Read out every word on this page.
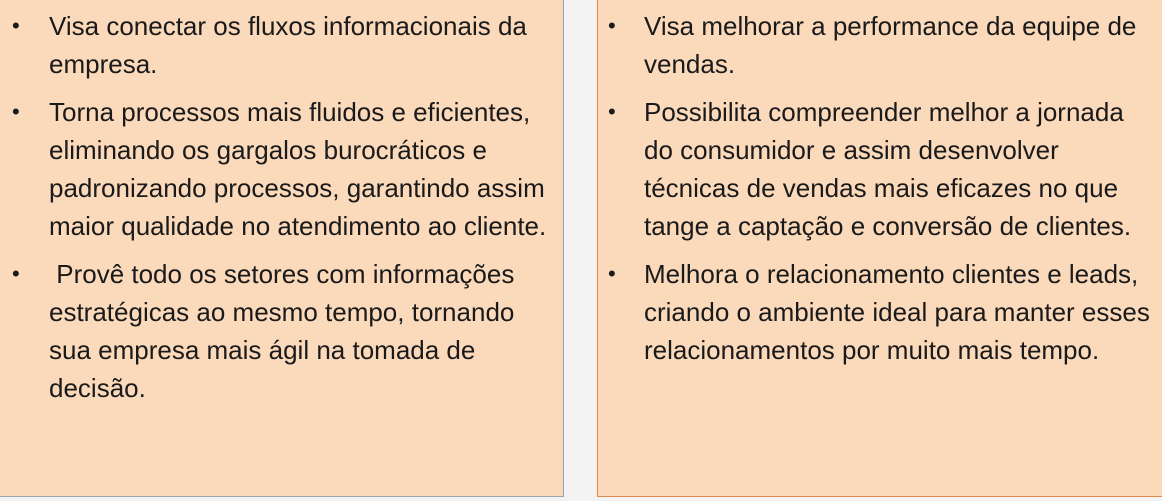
• Visa conectar os fluxos informacionais da empresa.
• Torna processos mais fluidos e eficientes, eliminando os gargalos burocráticos e padronizando processos, garantindo assim maior qualidade no atendimento ao cliente.
• Provê todo os setores com informações estratégicas ao mesmo tempo, tornando sua empresa mais ágil na tomada de decisão.
• Visa melhorar a performance da equipe de vendas.
• Possibilita compreender melhor a jornada do consumidor e assim desenvolver técnicas de vendas mais eficazes no que tange a captação e conversão de clientes.
• Melhora o relacionamento clientes e leads, criando o ambiente ideal para manter esses relacionamentos por muito mais tempo.
